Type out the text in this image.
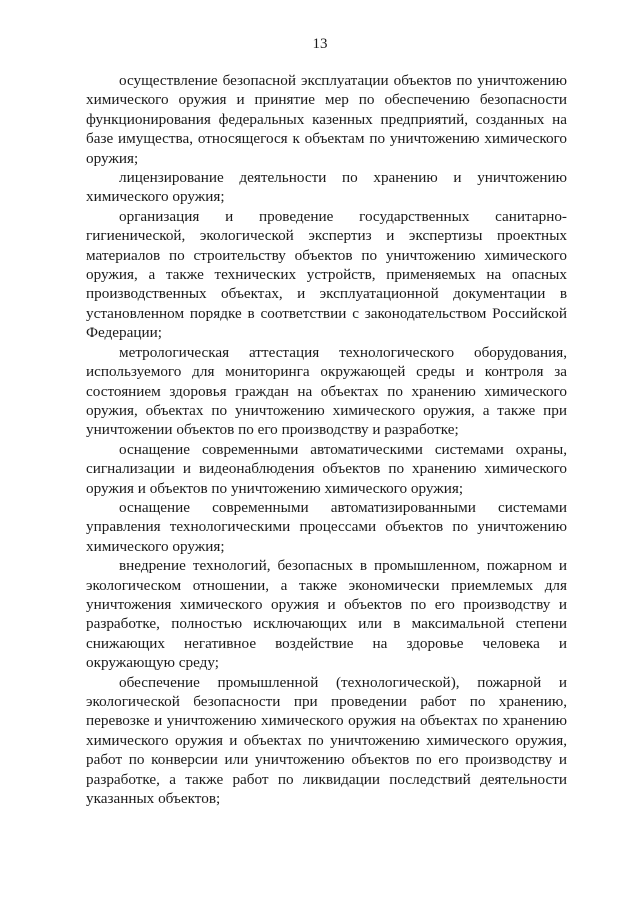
13

осуществление безопасной эксплуатации объектов по уничтожению химического оружия и принятие мер по обеспечению безопасности функционирования федеральных казенных предприятий, созданных на базе имущества, относящегося к объектам по уничтожению химического оружия;

лицензирование деятельности по хранению и уничтожению химического оружия;

организация и проведение государственных санитарно-гигиенической, экологической экспертиз и экспертизы проектных материалов по строительству объектов по уничтожению химического оружия, а также технических устройств, применяемых на опасных производственных объектах, и эксплуатационной документации в установленном порядке в соответствии с законодательством Российской Федерации;

метрологическая аттестация технологического оборудования, используемого для мониторинга окружающей среды и контроля за состоянием здоровья граждан на объектах по хранению химического оружия, объектах по уничтожению химического оружия, а также при уничтожении объектов по его производству и разработке;

оснащение современными автоматическими системами охраны, сигнализации и видеонаблюдения объектов по хранению химического оружия и объектов по уничтожению химического оружия;

оснащение современными автоматизированными системами управления технологическими процессами объектов по уничтожению химического оружия;

внедрение технологий, безопасных в промышленном, пожарном и экологическом отношении, а также экономически приемлемых для уничтожения химического оружия и объектов по его производству и разработке, полностью исключающих или в максимальной степени снижающих негативное воздействие на здоровье человека и окружающую среду;

обеспечение промышленной (технологической), пожарной и экологической безопасности при проведении работ по хранению, перевозке и уничтожению химического оружия на объектах по хранению химического оружия и объектах по уничтожению химического оружия, работ по конверсии или уничтожению объектов по его производству и разработке, а также работ по ликвидации последствий деятельности указанных объектов;
